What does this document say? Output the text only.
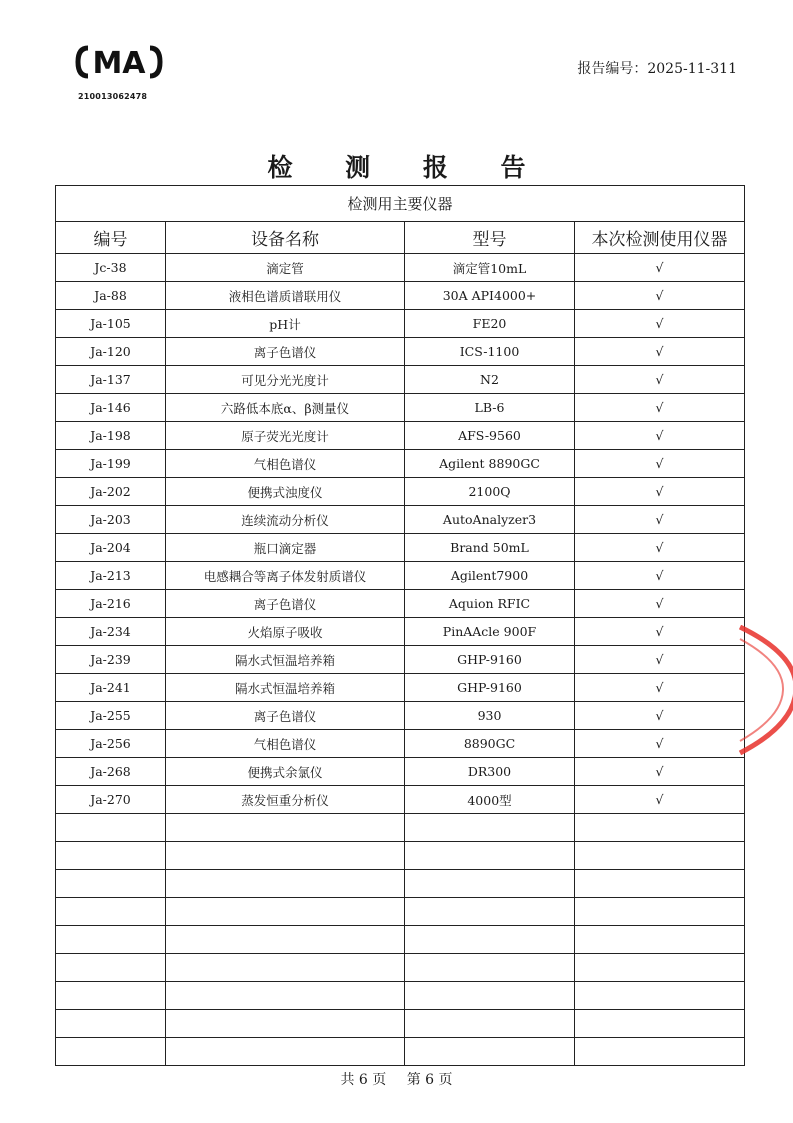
MA
210013062478
报告编号：2025-11-311
检 测 报 告
检测用主要仪器			
编号	设备名称	型号	本次检测使用仪器
Jc-38	滴定管	滴定管10mL	√
Ja-88	液相色谱质谱联用仪	30A API4000+	√
Ja-105	pH计	FE20	√
Ja-120	离子色谱仪	ICS-1100	√
Ja-137	可见分光光度计	N2	√
Ja-146	六路低本底α、β测量仪	LB-6	√
Ja-198	原子荧光光度计	AFS-9560	√
Ja-199	气相色谱仪	Agilent 8890GC	√
Ja-202	便携式浊度仪	2100Q	√
Ja-203	连续流动分析仪	AutoAnalyzer3	√
Ja-204	瓶口滴定器	Brand 50mL	√
Ja-213	电感耦合等离子体发射质谱仪	Agilent7900	√
Ja-216	离子色谱仪	Aquion RFIC	√
Ja-234	火焰原子吸收	PinAAcle 900F	√
Ja-239	隔水式恒温培养箱	GHP-9160	√
Ja-241	隔水式恒温培养箱	GHP-9160	√
Ja-255	离子色谱仪	930	√
Ja-256	气相色谱仪	8890GC	√
Ja-268	便携式余氯仪	DR300	√
Ja-270	蒸发恒重分析仪	4000型	√

共 6 页 第 6 页
